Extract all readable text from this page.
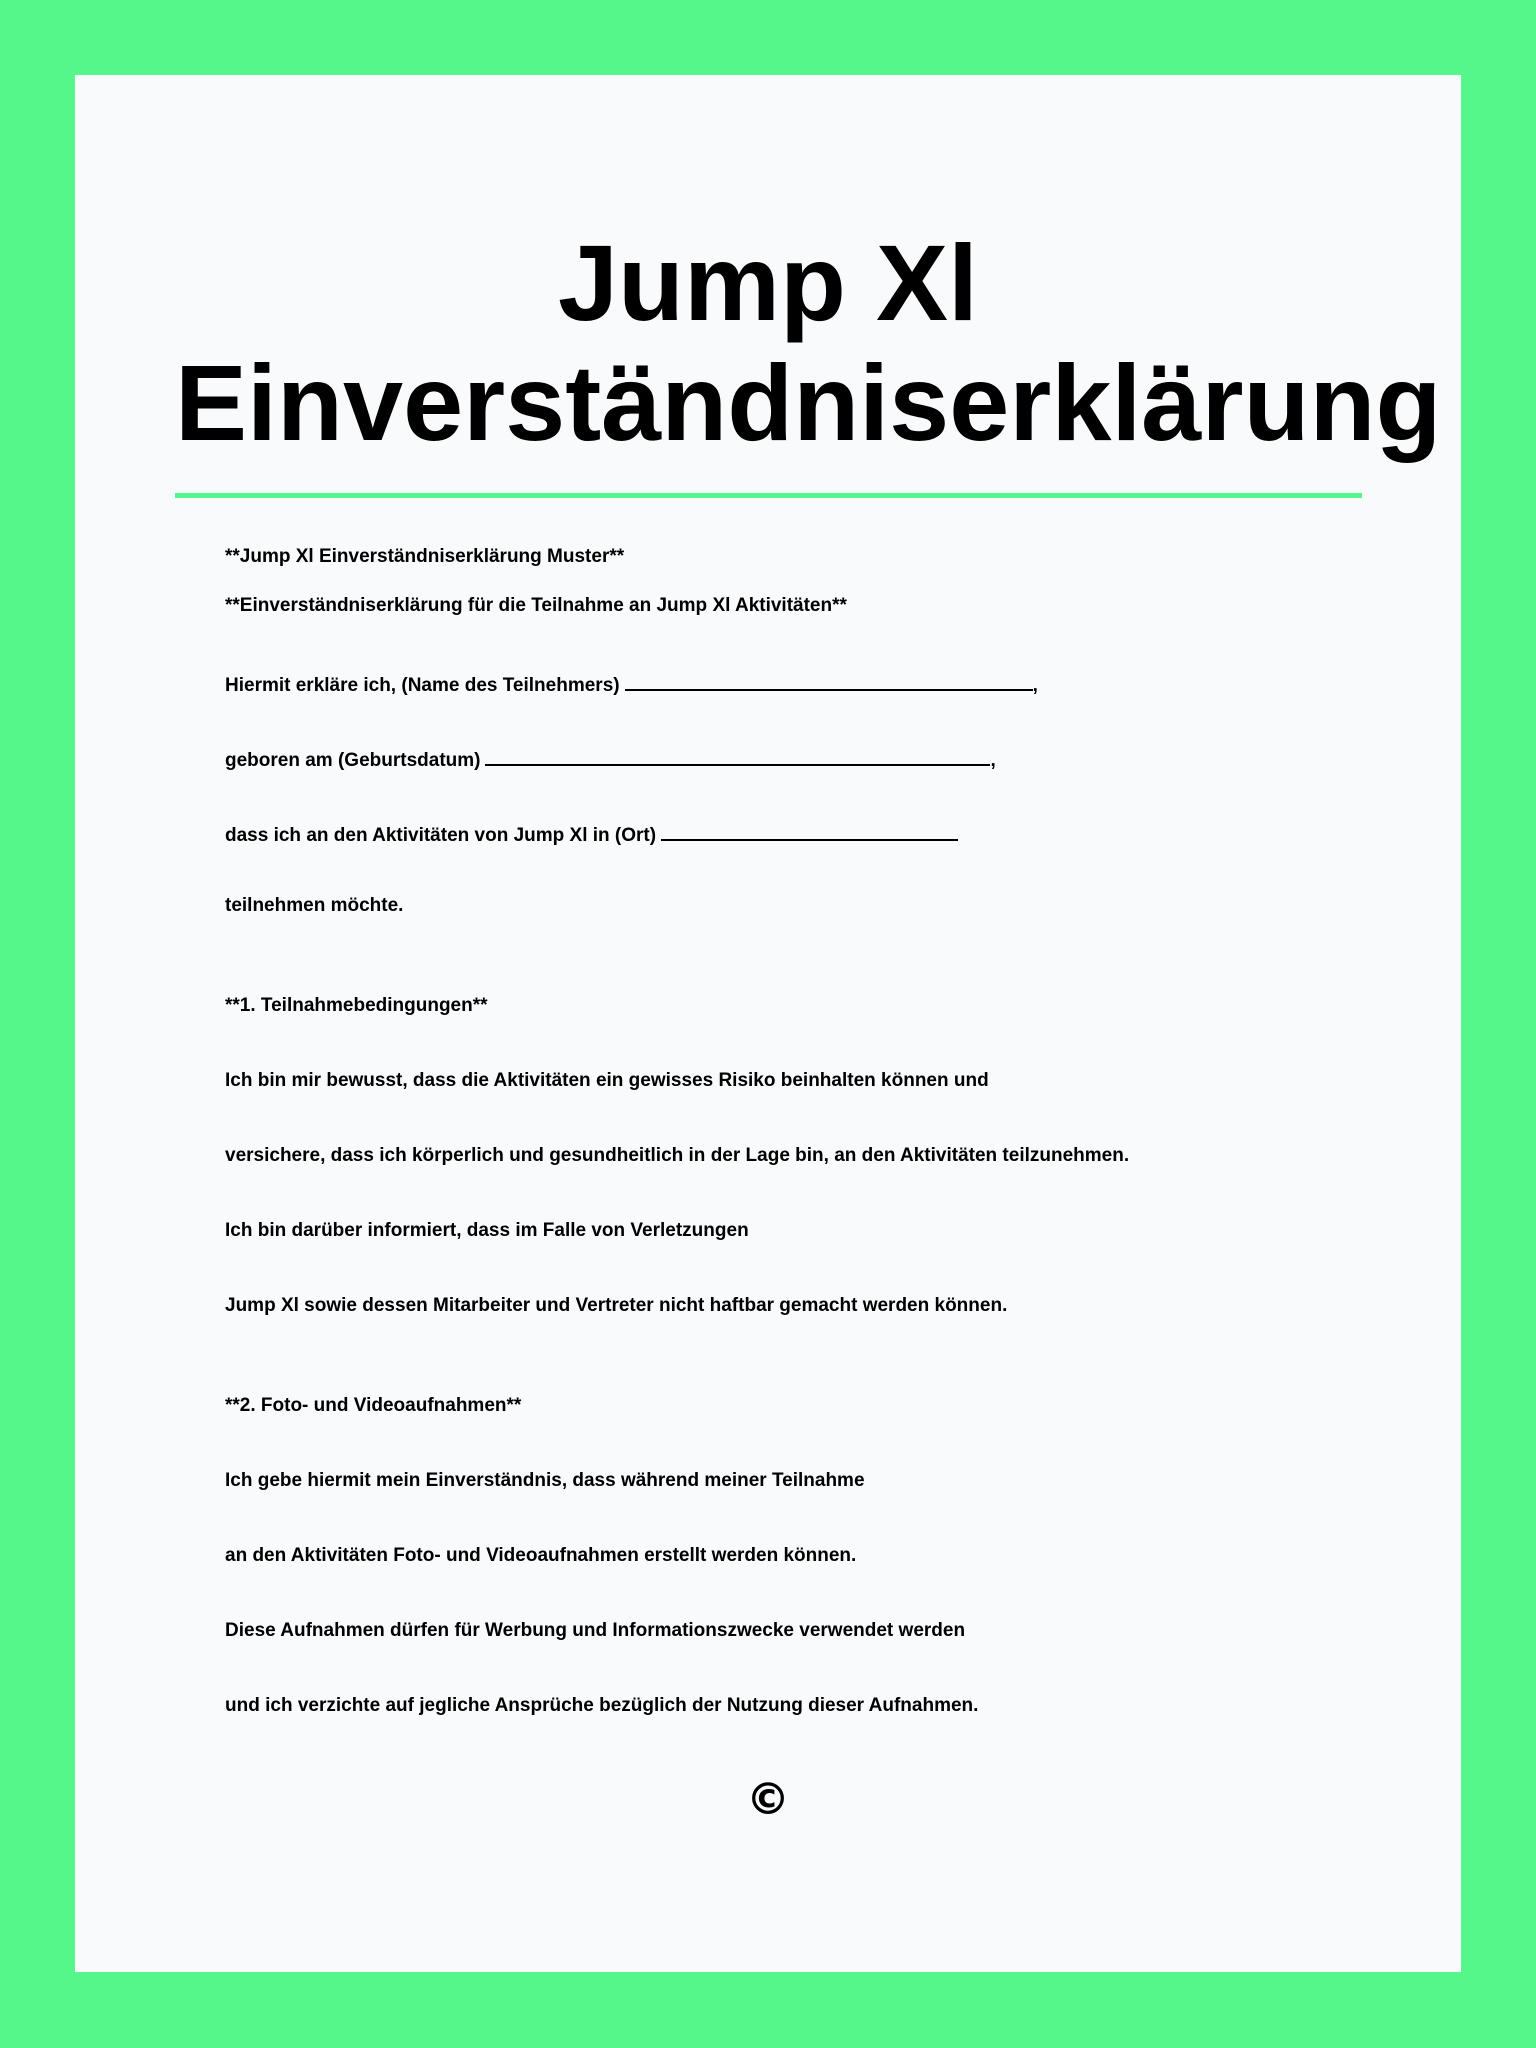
Jump Xl
Einverständniserklärung
**Jump Xl Einverständniserklärung Muster**
**Einverständniserklärung für die Teilnahme an Jump Xl Aktivitäten**
Hiermit erkläre ich, (Name des Teilnehmers)	,
geboren am (Geburtsdatum)	,
dass ich an den Aktivitäten von Jump Xl in (Ort)
teilnehmen möchte.
**1. Teilnahmebedingungen**
Ich bin mir bewusst, dass die Aktivitäten ein gewisses Risiko beinhalten können und
versichere, dass ich körperlich und gesundheitlich in der Lage bin, an den Aktivitäten teilzunehmen.
Ich bin darüber informiert, dass im Falle von Verletzungen
Jump Xl sowie dessen Mitarbeiter und Vertreter nicht haftbar gemacht werden können.
**2. Foto- und Videoaufnahmen**
Ich gebe hiermit mein Einverständnis, dass während meiner Teilnahme
an den Aktivitäten Foto- und Videoaufnahmen erstellt werden können.
Diese Aufnahmen dürfen für Werbung und Informationszwecke verwendet werden
und ich verzichte auf jegliche Ansprüche bezüglich der Nutzung dieser Aufnahmen.
©
